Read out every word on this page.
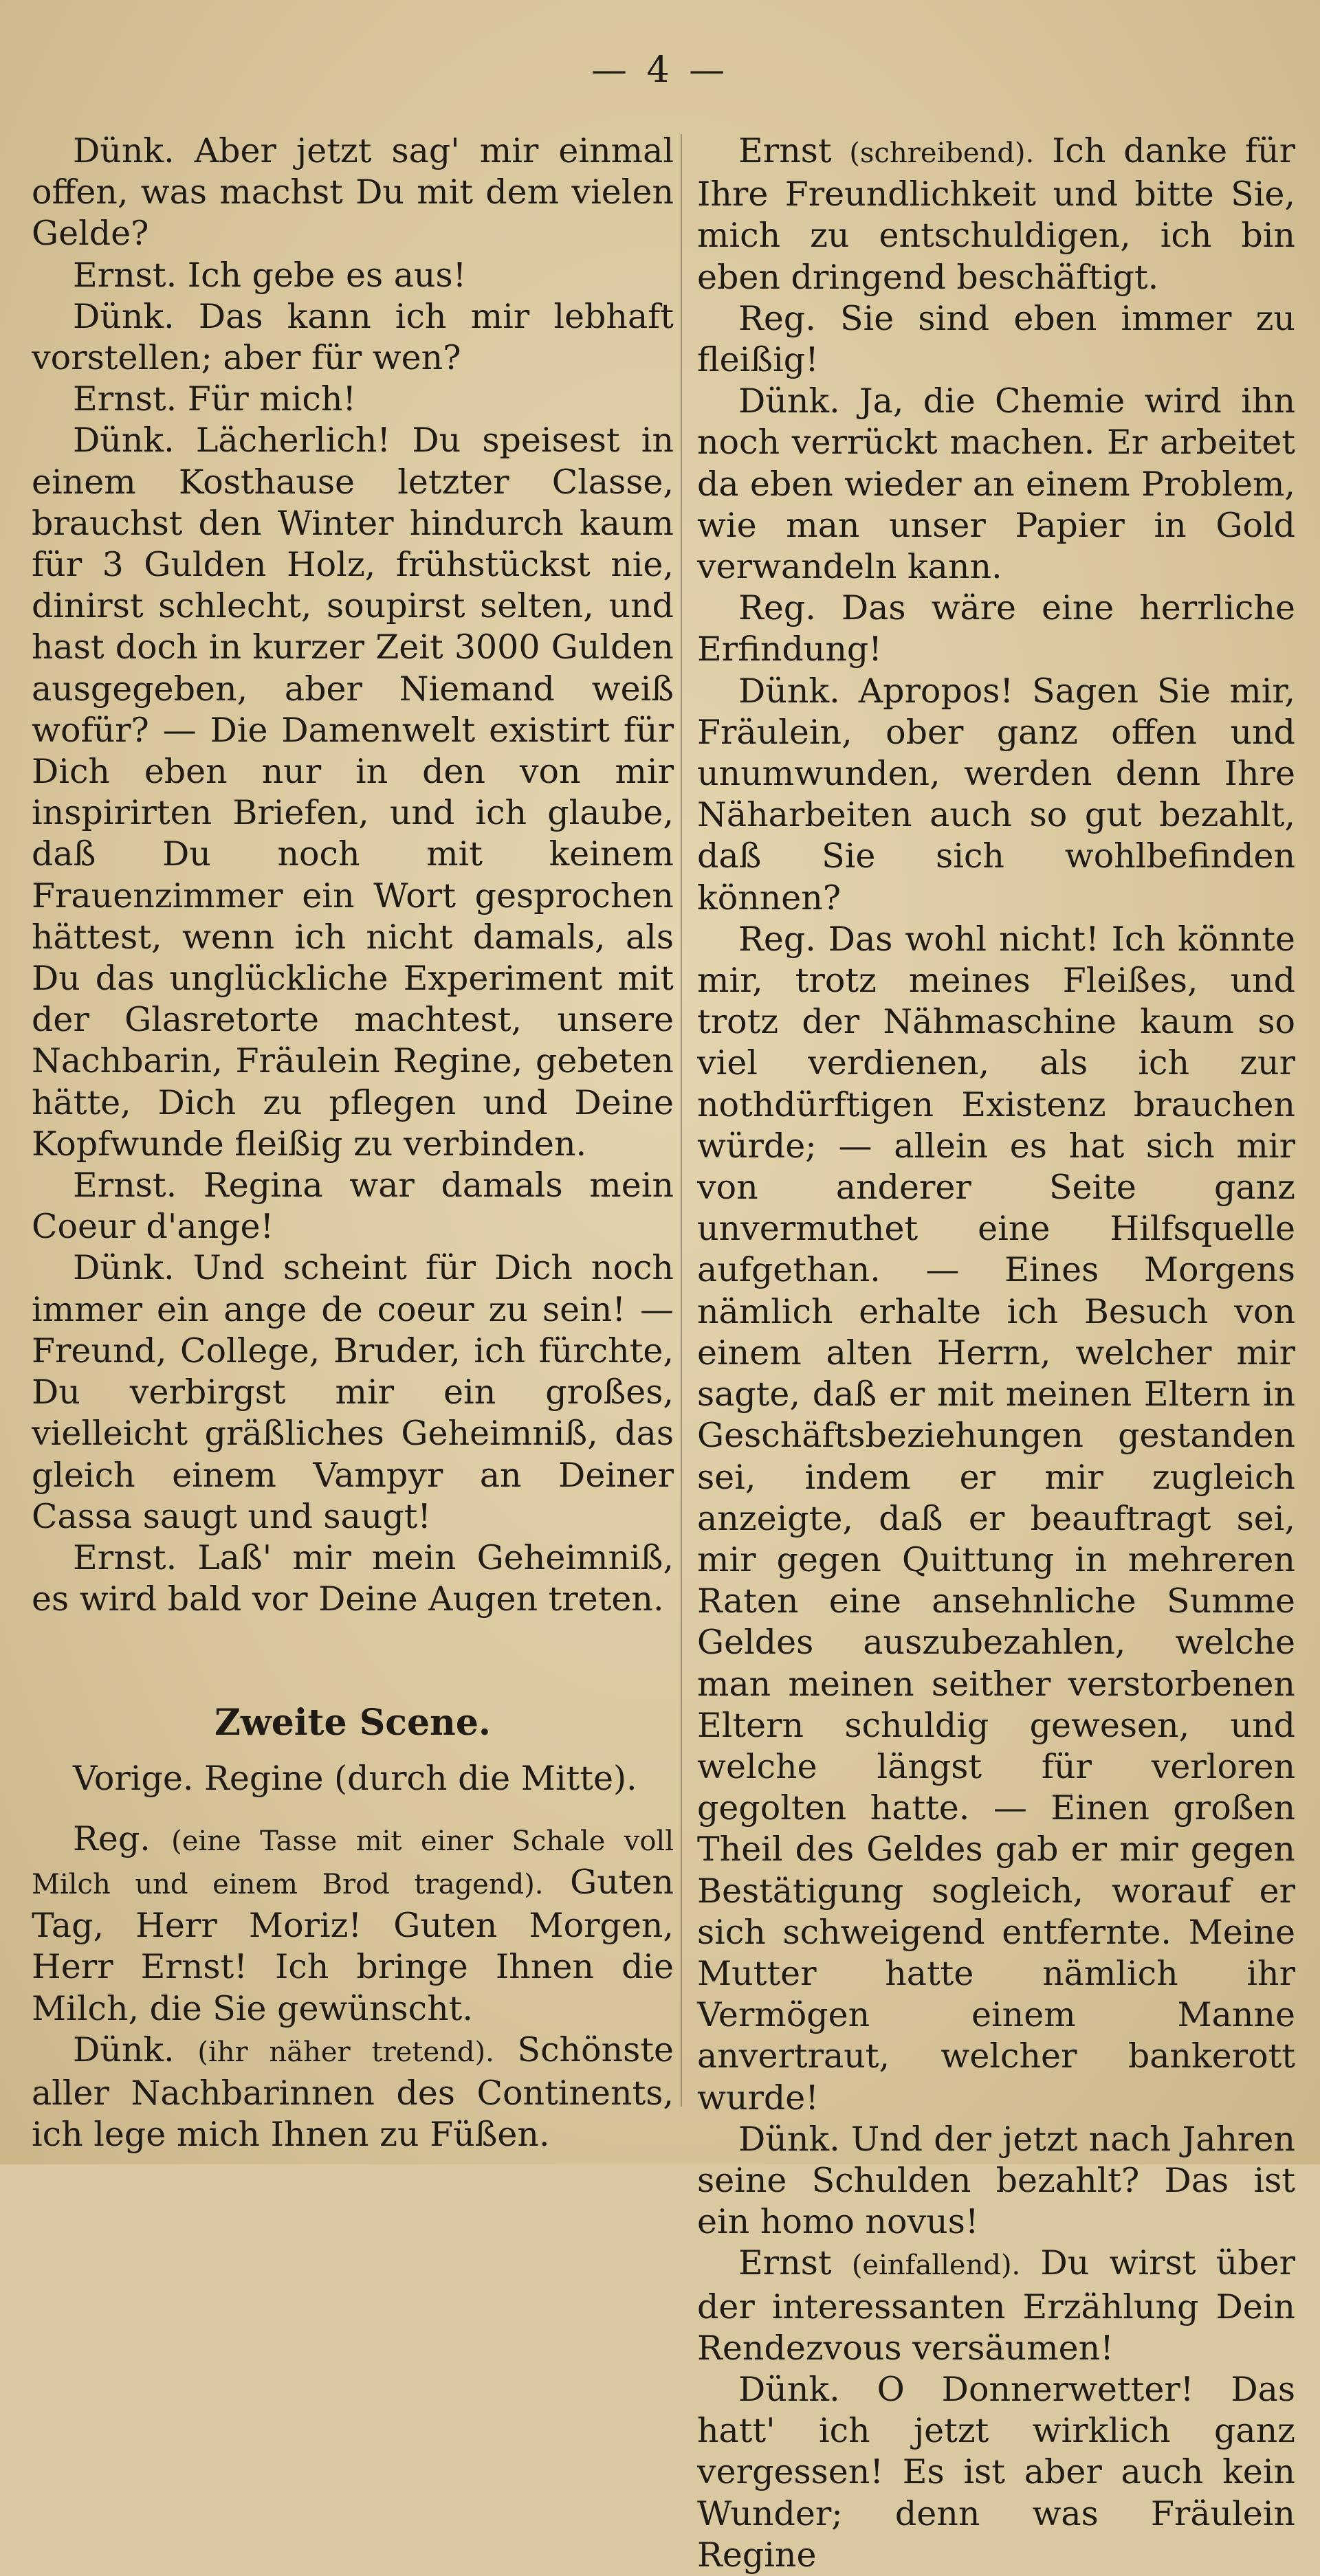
— 4 —

Dünk. Aber jetzt sag' mir einmal offen, was machst Du mit dem vielen Gelde?

Ernst. Ich gebe es aus!

Dünk. Das kann ich mir lebhaft vorstellen; aber für wen?

Ernst. Für mich!

Dünk. Lächerlich! Du speisest in einem Kosthause letzter Classe, brauchst den Winter hindurch kaum für 3 Gulden Holz, frühstückst nie, dinirst schlecht, soupirst selten, und hast doch in kurzer Zeit 3000 Gulden ausgegeben, aber Niemand weiß wofür? — Die Damenwelt existirt für Dich eben nur in den von mir inspirirten Briefen, und ich glaube, daß Du noch mit keinem Frauenzimmer ein Wort gesprochen hättest, wenn ich nicht damals, als Du das unglückliche Experiment mit der Glasretorte machtest, unsere Nachbarin, Fräulein Regine, gebeten hätte, Dich zu pflegen und Deine Kopfwunde fleißig zu verbinden.

Ernst. Regina war damals mein Coeur d'ange!

Dünk. Und scheint für Dich noch immer ein ange de coeur zu sein! — Freund, College, Bruder, ich fürchte, Du verbirgst mir ein großes, vielleicht gräßliches Geheimniß, das gleich einem Vampyr an Deiner Cassa saugt und saugt!

Ernst. Laß' mir mein Geheimniß, es wird bald vor Deine Augen treten.

Zweite Scene.

Vorige. Regine (durch die Mitte).

Reg. (eine Tasse mit einer Schale voll Milch und einem Brod tragend). Guten Tag, Herr Moriz! Guten Morgen, Herr Ernst! Ich bringe Ihnen die Milch, die Sie gewünscht.

Dünk. (ihr näher tretend). Schönste aller Nachbarinnen des Continents, ich lege mich Ihnen zu Füßen.

Ernst (schreibend). Ich danke für Ihre Freundlichkeit und bitte Sie, mich zu entschuldigen, ich bin eben dringend beschäftigt.

Reg. Sie sind eben immer zu fleißig!

Dünk. Ja, die Chemie wird ihn noch verrückt machen. Er arbeitet da eben wieder an einem Problem, wie man unser Papier in Gold verwandeln kann.

Reg. Das wäre eine herrliche Erfindung!

Dünk. Apropos! Sagen Sie mir, Fräulein, ober ganz offen und unumwunden, werden denn Ihre Näharbeiten auch so gut bezahlt, daß Sie sich wohlbefinden können?

Reg. Das wohl nicht! Ich könnte mir, trotz meines Fleißes, und trotz der Nähmaschine kaum so viel verdienen, als ich zur nothdürftigen Existenz brauchen würde; — allein es hat sich mir von anderer Seite ganz unvermuthet eine Hilfsquelle aufgethan. — Eines Morgens nämlich erhalte ich Besuch von einem alten Herrn, welcher mir sagte, daß er mit meinen Eltern in Geschäftsbeziehungen gestanden sei, indem er mir zugleich anzeigte, daß er beauftragt sei, mir gegen Quittung in mehreren Raten eine ansehnliche Summe Geldes auszubezahlen, welche man meinen seither verstorbenen Eltern schuldig gewesen, und welche längst für verloren gegolten hatte. — Einen großen Theil des Geldes gab er mir gegen Bestätigung sogleich, worauf er sich schweigend entfernte. Meine Mutter hatte nämlich ihr Vermögen einem Manne anvertraut, welcher bankerott wurde!

Dünk. Und der jetzt nach Jahren seine Schulden bezahlt? Das ist ein homo novus!

Ernst (einfallend). Du wirst über der interessanten Erzählung Dein Rendezvous versäumen!

Dünk. O Donnerwetter! Das hatt' ich jetzt wirklich ganz vergessen! Es ist aber auch kein Wunder; denn was Fräulein Regine
